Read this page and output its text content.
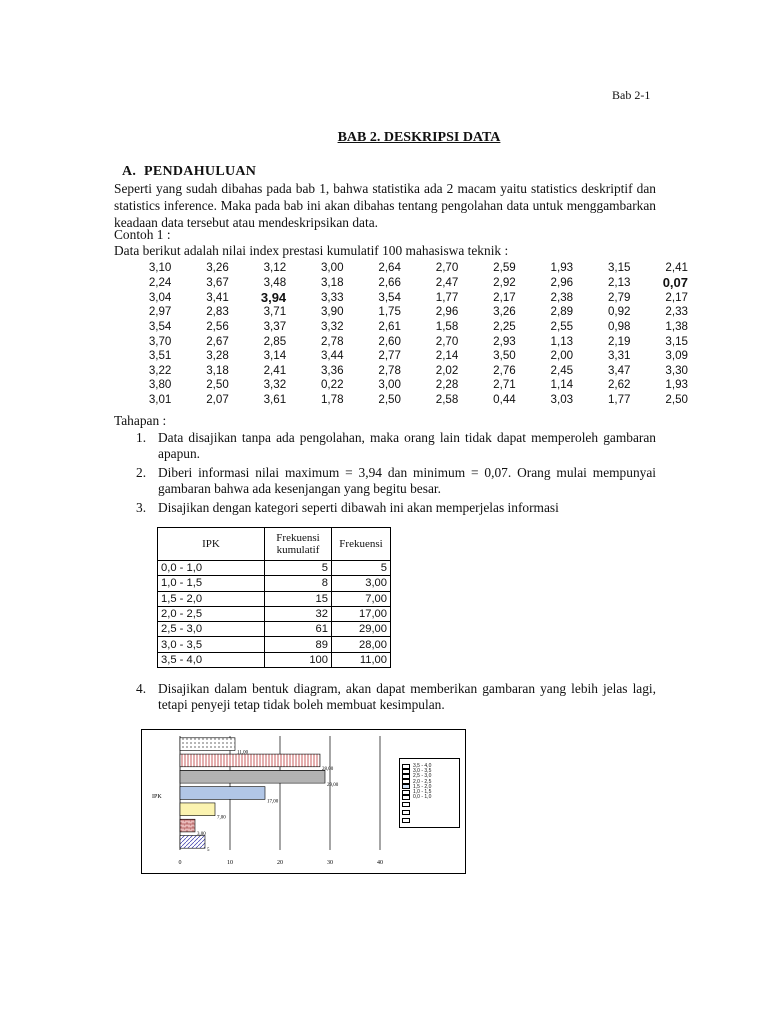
Bab 2-1
BAB 2. DESKRIPSI DATA
A. PENDAHULUAN

Seperti yang sudah dibahas pada bab 1, bahwa statistika ada 2 macam yaitu statistics deskriptif dan statistics inference. Maka pada bab ini akan dibahas tentang pengolahan data untuk menggambarkan keadaan data tersebut atau mendeskripsikan data.

Contoh 1 :
Data berikut adalah nilai index prestasi kumulatif 100 mahasiswa teknik :
3,10	3,26	3,12	3,00	2,64	2,70	2,59	1,93	3,15	2,41
2,24	3,67	3,48	3,18	2,66	2,47	2,92	2,96	2,13	0,07
3,04	3,41	3,94	3,33	3,54	1,77	2,17	2,38	2,79	2,17
2,97	2,83	3,71	3,90	1,75	2,96	3,26	2,89	0,92	2,33
3,54	2,56	3,37	3,32	2,61	1,58	2,25	2,55	0,98	1,38
3,70	2,67	2,85	2,78	2,60	2,70	2,93	1,13	2,19	3,15
3,51	3,28	3,14	3,44	2,77	2,14	3,50	2,00	3,31	3,09
3,22	3,18	2,41	3,36	2,78	2,02	2,76	2,45	3,47	3,30
3,80	2,50	3,32	0,22	3,00	2,28	2,71	1,14	2,62	1,93
3,01	2,07	3,61	1,78	2,50	2,58	0,44	3,03	1,77	2,50
Tahapan :
1. Data disajikan tanpa ada pengolahan, maka orang lain tidak dapat memperoleh gambaran apapun.
2. Diberi informasi nilai maximum = 3,94 dan minimum = 0,07. Orang mulai mempunyai gambaran bahwa ada kesenjangan yang begitu besar.
3. Disajikan dengan kategori seperti dibawah ini akan memperjelas informasi
IPK	Frekuensi kumulatif	Frekuensi
0,0 - 1,0	5	5
1,0 - 1,5	8	3,00
1,5 - 2,0	15	7,00
2,0 - 2,5	32	17,00
2,5 - 3,0	61	29,00
3,0 - 3,5	89	28,00
3,5 - 4,0	100	11,00
4. Disajikan dalam bentuk diagram, akan dapat memberikan gambaran yang lebih jelas lagi, tetapi penyeji tetap tidak boleh membuat kesimpulan.
0	10	20	30	40
5
3,00
7,00
17,00
29,00
28,00
11,00
IPK
3,5 - 4,0
3,0 - 3,5
2,5 - 3,0
2,0 - 2,5
1,5 - 2,0
1,0 - 1,5
0,0 - 1,0
